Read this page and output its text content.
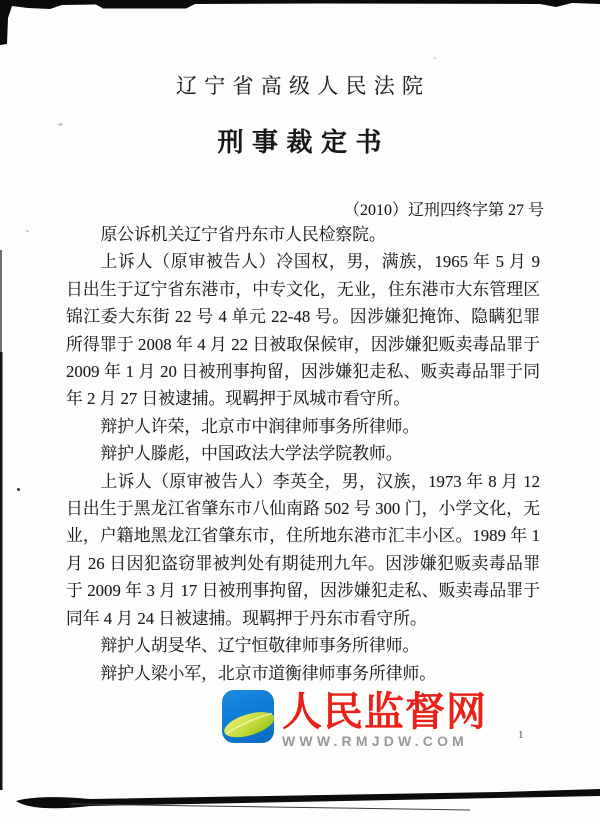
辽 宁 省 高 级 人 民 法 院
刑 事 裁 定 书
（2010）辽刑四终字第 27 号
原公诉机关辽宁省丹东市人民检察院。
上诉人（原审被告人）冷国权，男，满族，1965 年 5 月 9
日出生于辽宁省东港市，中专文化，无业，住东港市大东管理区
锦江委大东街 22 号 4 单元 22-48 号。因涉嫌犯掩饰、隐瞒犯罪
所得罪于 2008 年 4 月 22 日被取保候审，因涉嫌犯贩卖毒品罪于
2009 年 1 月 20 日被刑事拘留，因涉嫌犯走私、贩卖毒品罪于同
年 2 月 27 日被逮捕。现羁押于凤城市看守所。
辩护人许荣，北京市中润律师事务所律师。
辩护人滕彪，中国政法大学法学院教师。
上诉人（原审被告人）李英全，男，汉族，1973 年 8 月 12
日出生于黑龙江省肇东市八仙南路 502 号 300 门，小学文化，无
业，户籍地黑龙江省肇东市，住所地东港市汇丰小区。1989 年 1
月 26 日因犯盗窃罪被判处有期徒刑九年。因涉嫌犯贩卖毒品罪
于 2009 年 3 月 17 日被刑事拘留，因涉嫌犯走私、贩卖毒品罪于
同年 4 月 24 日被逮捕。现羁押于丹东市看守所。
辩护人胡旻华、辽宁恒敬律师事务所律师。
辩护人梁小军，北京市道衡律师事务所律师。
人民监督网
WWW.RMJDW.COM	1
